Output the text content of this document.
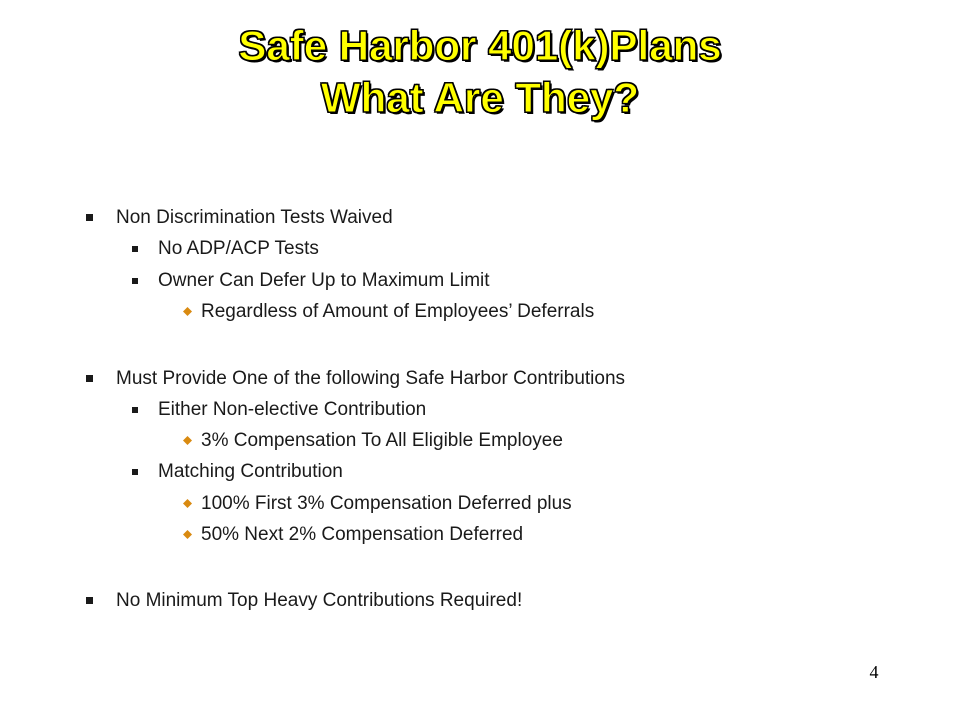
Safe Harbor 401(k)Plans
What Are They?
Non Discrimination Tests Waived
No ADP/ACP Tests
Owner Can Defer Up to Maximum Limit
Regardless of Amount of Employees’ Deferrals
Must Provide One of the following Safe Harbor Contributions
Either Non-elective Contribution
3% Compensation To All Eligible Employee
Matching Contribution
100% First 3% Compensation Deferred plus
50% Next 2% Compensation Deferred
No Minimum Top Heavy Contributions Required!
4
